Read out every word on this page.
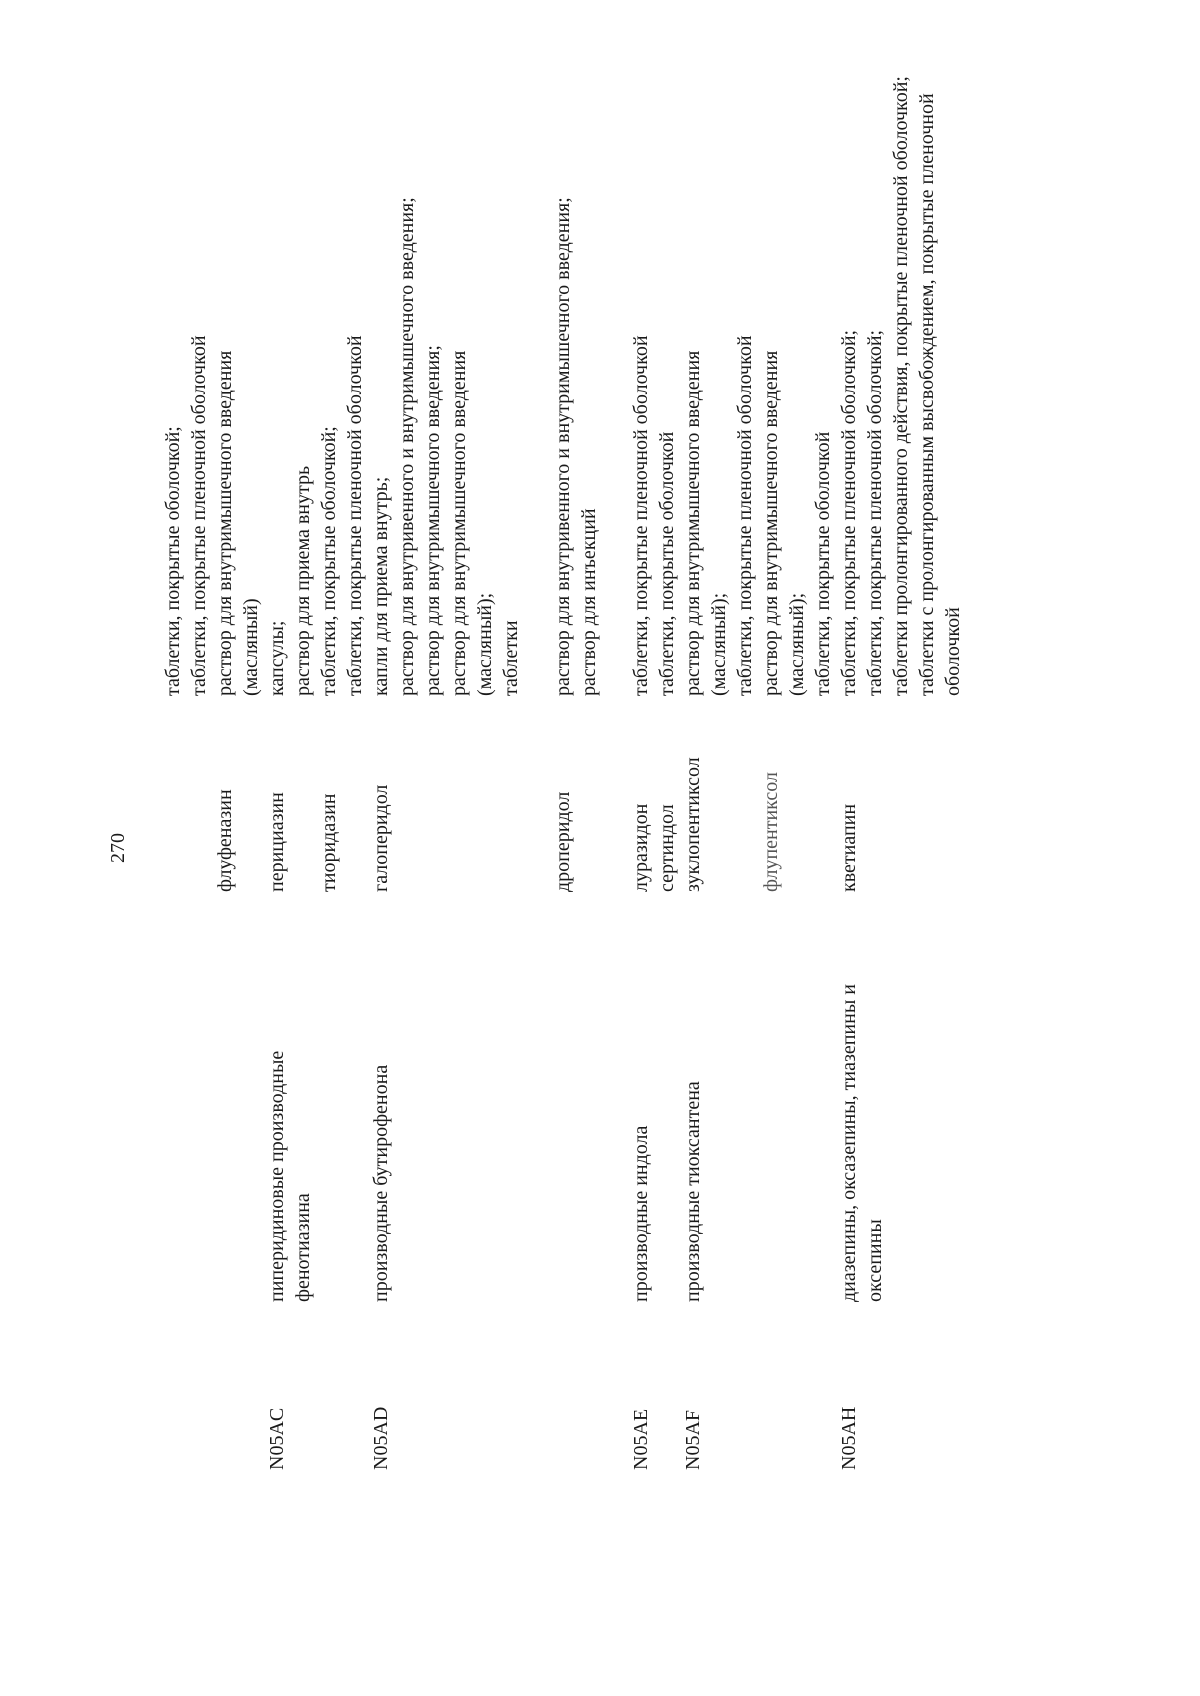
270
таблетки, покрытые оболочкой; таблетки, покрытые пленочной оболочкой
флуфеназин
раствор для внутримышечного введения (масляный)
N05AC
пиперидиновые производные фенотиазина
перициазин
капсулы; раствор для приема внутрь
тиоридазин
таблетки, покрытые оболочкой; таблетки, покрытые пленочной оболочкой
N05AD
производные бутирофенона
галоперидол
капли для приема внутрь; раствор для внутривенного и внутримышечного введения; раствор для внутримышечного введения; раствор для внутримышечного введения (масляный); таблетки
дроперидол
раствор для внутривенного и внутримышечного введения; раствор для инъекций
N05AE
производные индола
луразидон
таблетки, покрытые пленочной оболочкой
сертиндол
таблетки, покрытые оболочкой
N05AF
производные тиоксантена
зуклопентиксол
раствор для внутримышечного введения (масляный); таблетки, покрытые пленочной оболочкой
флупентиксол
раствор для внутримышечного введения (масляный); таблетки, покрытые оболочкой
N05AH
диазепины, оксазепины, тиазепины и оксепины
кветиапин
таблетки, покрытые пленочной оболочкой; таблетки, покрытые пленочной оболочкой; таблетки пролонгированного действия, покрытые пленочной оболочкой; таблетки с пролонгированным высвобождением, покрытые пленочной оболочкой
